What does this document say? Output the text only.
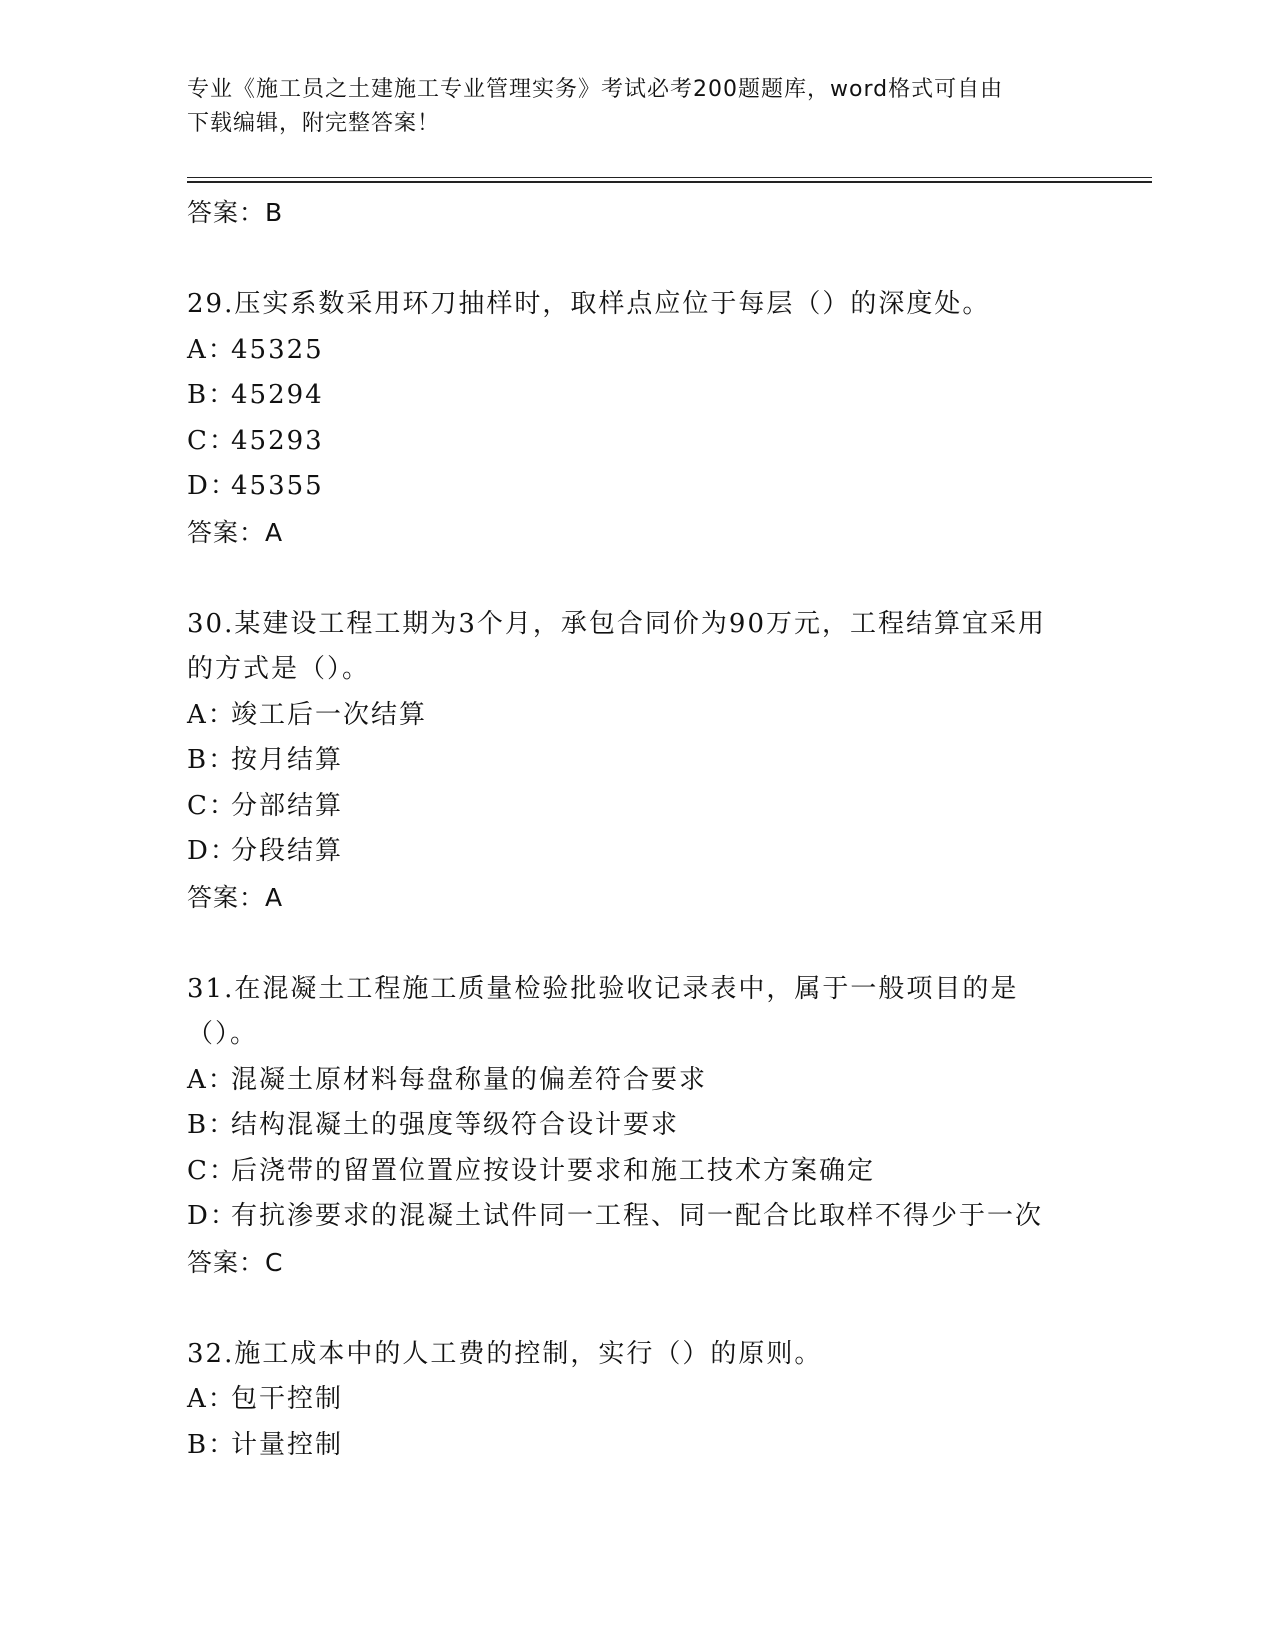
专业《施工员之土建施工专业管理实务》考试必考200题题库，word格式可自由
下载编辑，附完整答案！
答案：B
29.压实系数采用环刀抽样时，取样点应位于每层（）的深度处。
A：45325
B：45294
C：45293
D：45355
答案：A
30.某建设工程工期为3个月，承包合同价为90万元，工程结算宜采用的方式是（）。
A：竣工后一次结算
B：按月结算
C：分部结算
D：分段结算
答案：A
31.在混凝土工程施工质量检验批验收记录表中，属于一般项目的是（）。
A：混凝土原材料每盘称量的偏差符合要求
B：结构混凝土的强度等级符合设计要求
C：后浇带的留置位置应按设计要求和施工技术方案确定
D：有抗渗要求的混凝土试件同一工程、同一配合比取样不得少于一次
答案：C
32.施工成本中的人工费的控制，实行（）的原则。
A：包干控制
B：计量控制
